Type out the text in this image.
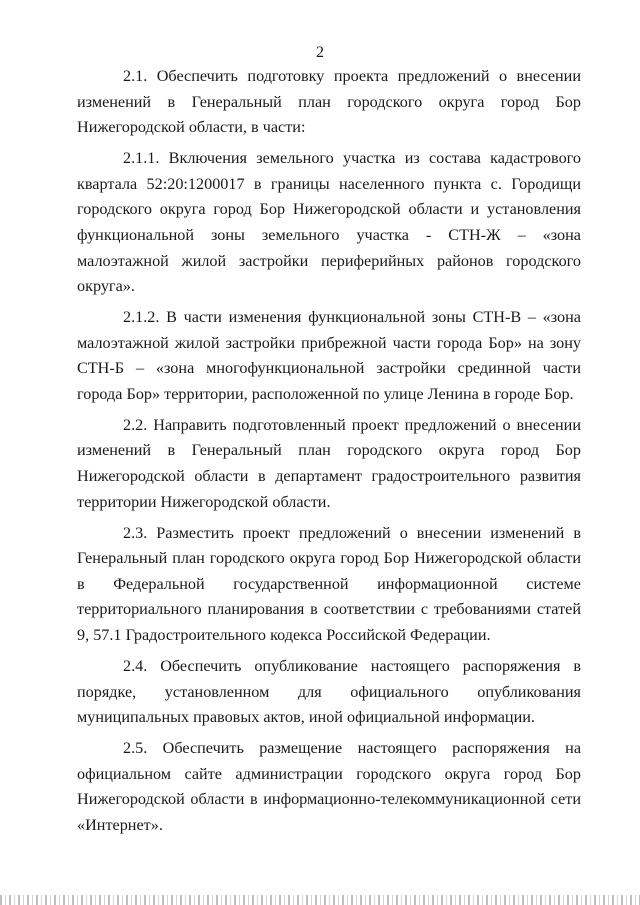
2

2.1. Обеспечить подготовку проекта предложений о внесении изменений в Генеральный план городского округа город Бор Нижегородской области, в части:

2.1.1. Включения земельного участка из состава кадастрового квартала 52:20:1200017 в границы населенного пункта с. Городищи городского округа город Бор Нижегородской области и установления функциональной зоны земельного участка - СТН-Ж – «зона малоэтажной жилой застройки периферийных районов городского округа».

2.1.2. В части изменения функциональной зоны СТН-В – «зона малоэтажной жилой застройки прибрежной части города Бор» на зону СТН-Б – «зона многофункциональной застройки срединной части города Бор» территории, расположенной по улице Ленина в городе Бор.

2.2. Направить подготовленный проект предложений о внесении изменений в Генеральный план городского округа город Бор Нижегородской области в департамент градостроительного развития территории Нижегородской области.

2.3. Разместить проект предложений о внесении изменений в Генеральный план городского округа город Бор Нижегородской области в Федеральной государственной информационной системе территориального планирования в соответствии с требованиями статей 9, 57.1 Градостроительного кодекса Российской Федерации.

2.4. Обеспечить опубликование настоящего распоряжения в порядке, установленном для официального опубликования муниципальных правовых актов, иной официальной информации.

2.5. Обеспечить размещение настоящего распоряжения на официальном сайте администрации городского округа город Бор Нижегородской области в информационно-телекоммуникационной сети «Интернет».
